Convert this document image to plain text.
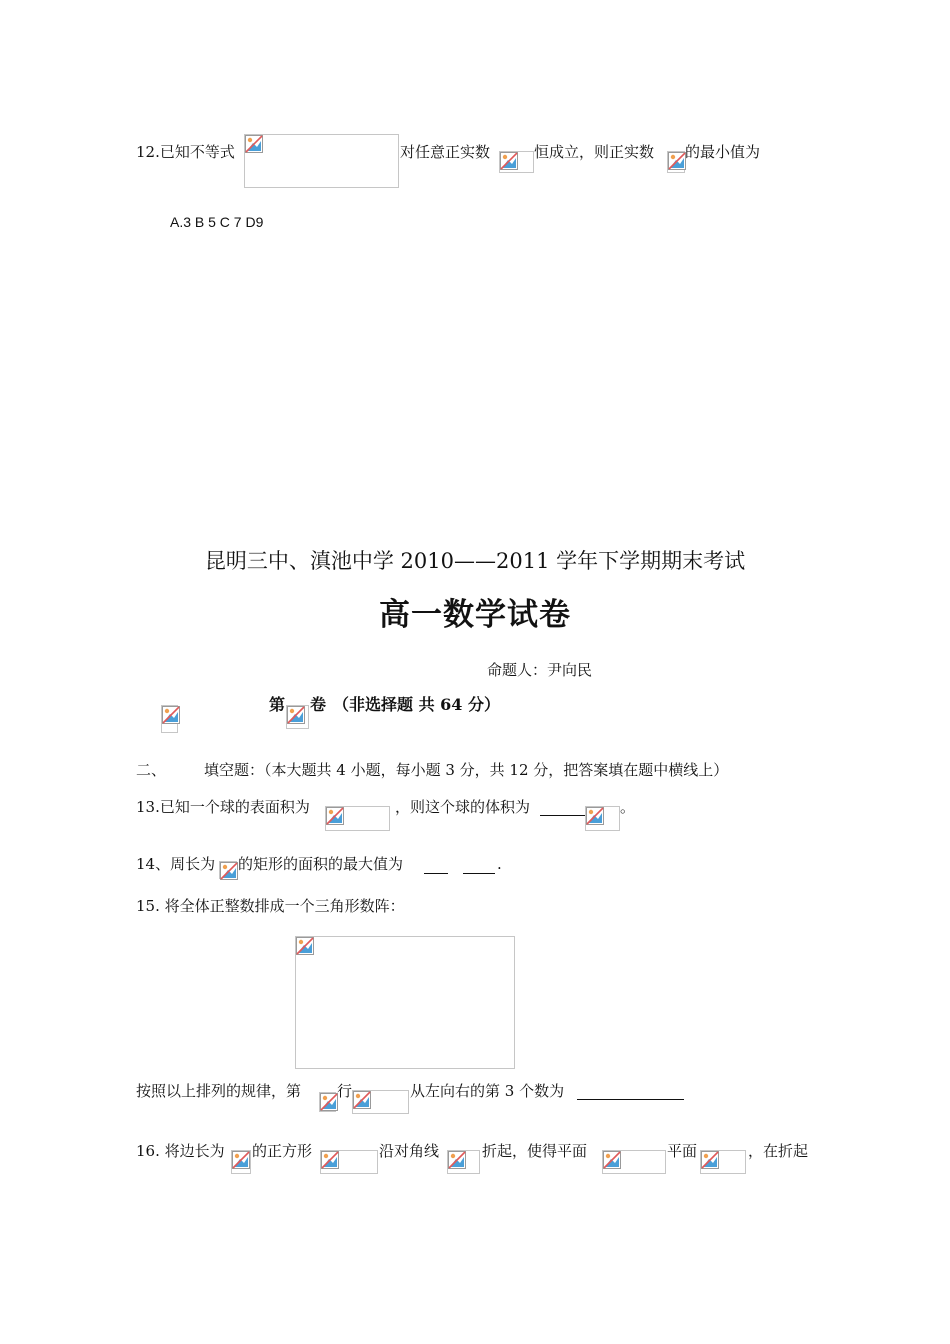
12.已知不等式	对任意正实数	恒成立，则正实数 的最小值为
A.3 B 5 C 7 D9
昆明三中、滇池中学 2010——2011 学年下学期期末考试
高一数学试卷
命题人：尹向民
第 卷 （非选择题 共 64 分）
二、	填空题：（本大题共 4 小题，每小题 3 分，共 12 分，把答案填在题中横线上）
13.已知一个球的表面积为	，则这个球的体积为	。
14、周长为 的矩形的面积的最大值为	.
15. 将全体正整数排成一个三角形数阵：
按照以上排列的规律，第 行	从左向右的第 3 个数为
16. 将边长为 的正方形	沿对角线	折起，使得平面	平面	，在折起
